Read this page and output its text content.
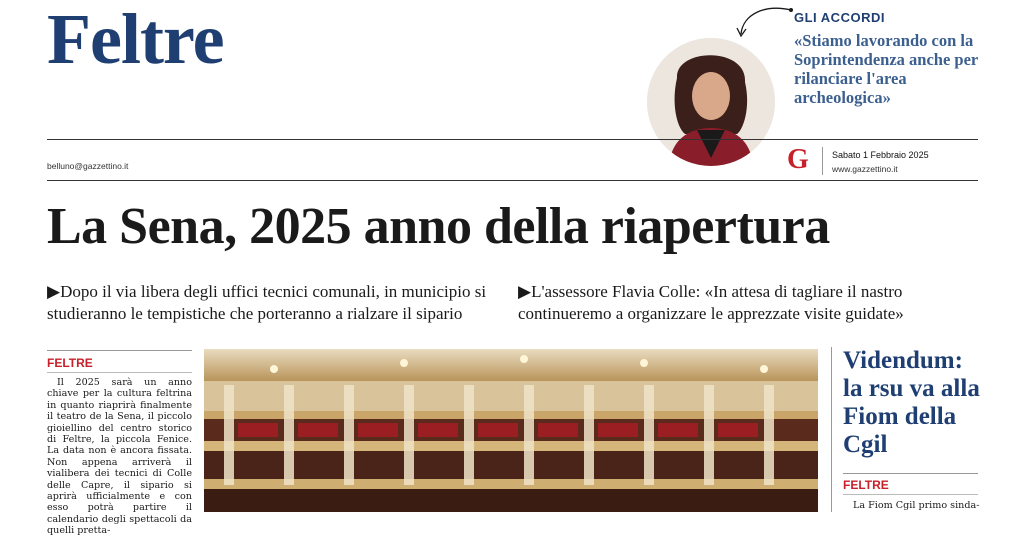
Feltre	GLI ACCORDI
«Stiamo lavorando con la Soprintendenza anche per rilanciare l'area archeologica»
belluno@gazzettino.it	G	Sabato 1 Febbraio 2025
www.gazzettino.it
La Sena, 2025 anno della riapertura
▶Dopo il via libera degli uffici tecnici comunali, in municipio si studieranno le tempistiche che porteranno a rialzare il sipario
▶L'assessore Flavia Colle: «In attesa di tagliare il nastro continueremo a organizzare le apprezzate visite guidate»
FELTRE
Il 2025 sarà un anno chiave per la cultura feltrina in quanto riaprirà finalmente il teatro de la Sena, il piccolo gioiellino del centro storico di Feltre, la piccola Fenice. La data non è ancora fissata. Non appena arriverà il vialibera dei tecnici di Colle delle Capre, il sipario si aprirà ufficialmente e con esso potrà partire il calendario degli spettacoli da quelli pretta-
Videndum: la rsu va alla Fiom della Cgil
FELTRE
La Fiom Cgil primo sinda-
